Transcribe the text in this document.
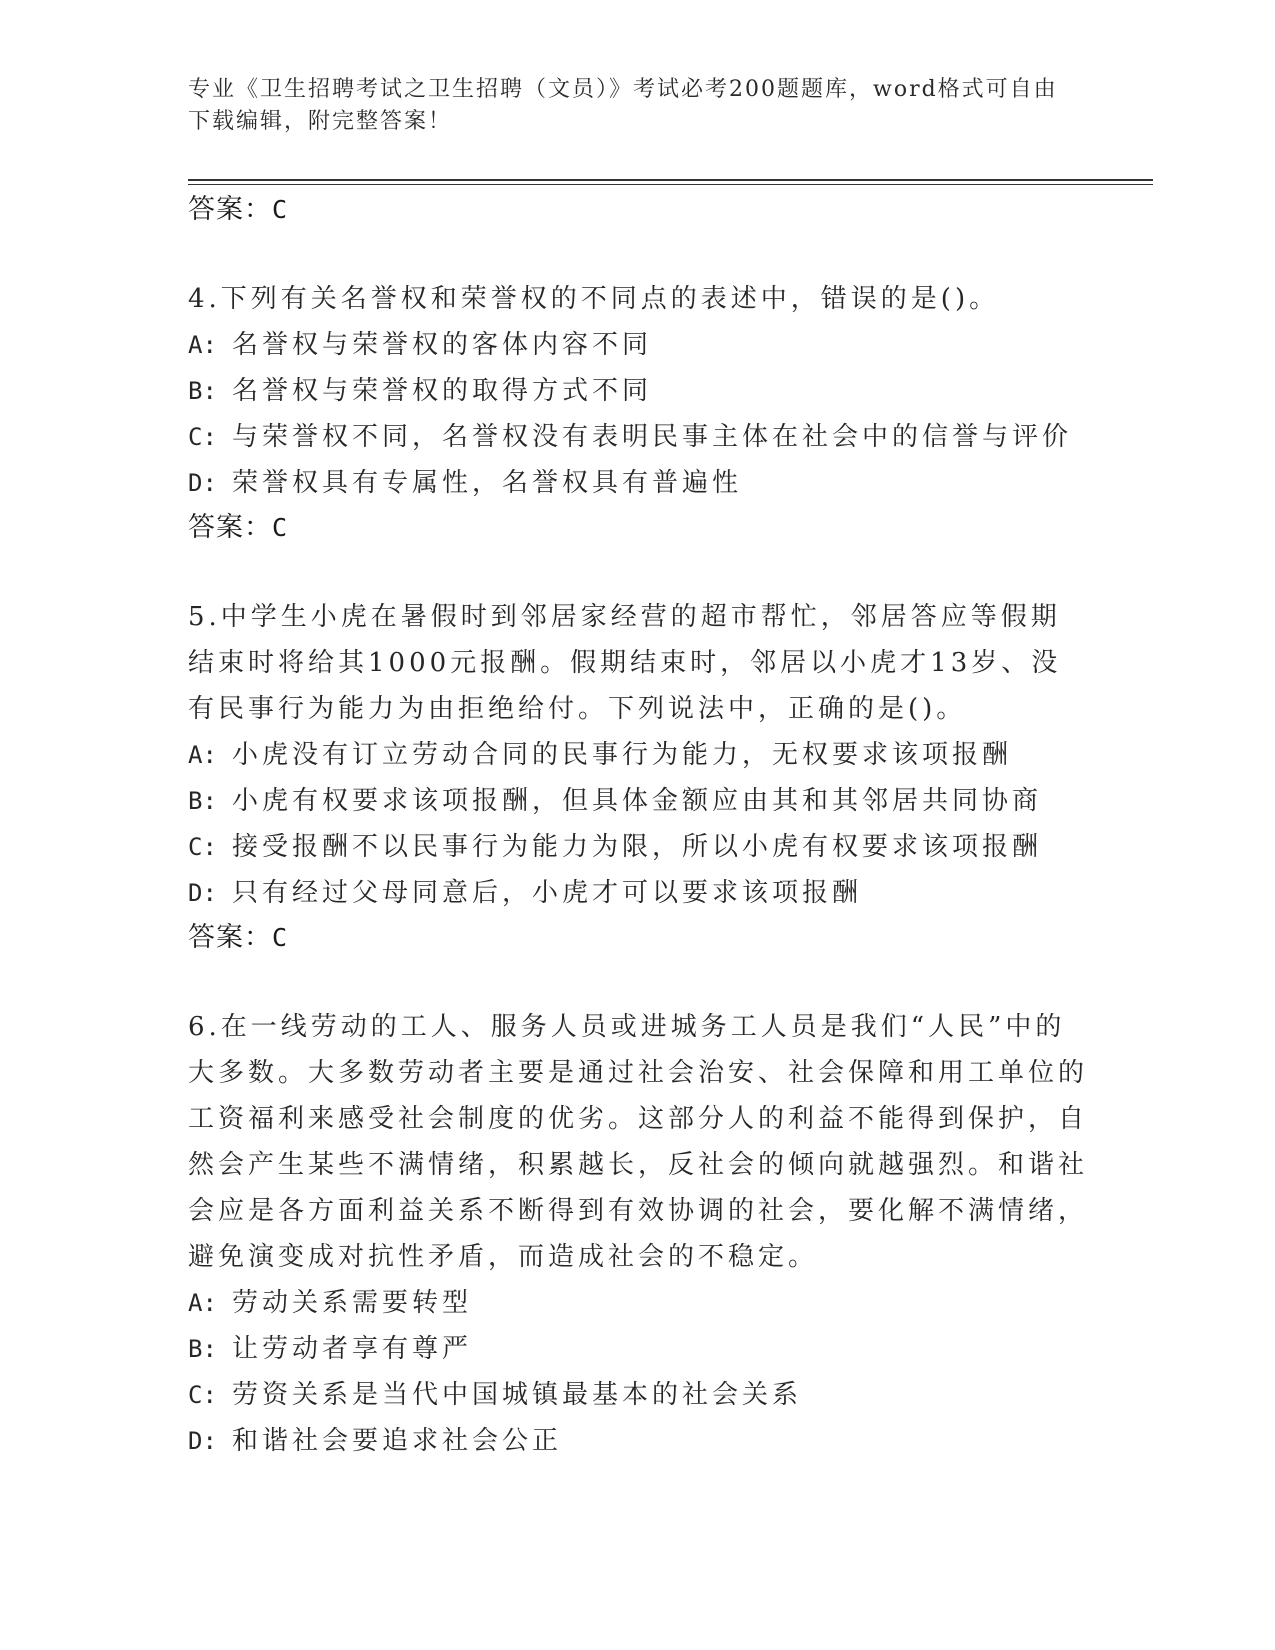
专业《卫生招聘考试之卫生招聘（文员）》考试必考200题题库，word格式可自由下载编辑，附完整答案！
答案：C
4.下列有关名誉权和荣誉权的不同点的表述中，错误的是()。
A: 名誉权与荣誉权的客体内容不同
B: 名誉权与荣誉权的取得方式不同
C: 与荣誉权不同，名誉权没有表明民事主体在社会中的信誉与评价
D: 荣誉权具有专属性，名誉权具有普遍性
答案：C
5.中学生小虎在暑假时到邻居家经营的超市帮忙，邻居答应等假期结束时将给其1000元报酬。假期结束时，邻居以小虎才13岁、没有民事行为能力为由拒绝给付。下列说法中，正确的是()。
A: 小虎没有订立劳动合同的民事行为能力，无权要求该项报酬
B: 小虎有权要求该项报酬，但具体金额应由其和其邻居共同协商
C: 接受报酬不以民事行为能力为限，所以小虎有权要求该项报酬
D: 只有经过父母同意后，小虎才可以要求该项报酬
答案：C
6.在一线劳动的工人、服务人员或进城务工人员是我们“人民”中的大多数。大多数劳动者主要是通过社会治安、社会保障和用工单位的工资福利来感受社会制度的优劣。这部分人的利益不能得到保护，自然会产生某些不满情绪，积累越长，反社会的倾向就越强烈。和谐社会应是各方面利益关系不断得到有效协调的社会，要化解不满情绪，避免演变成对抗性矛盾，而造成社会的不稳定。
A: 劳动关系需要转型
B: 让劳动者享有尊严
C: 劳资关系是当代中国城镇最基本的社会关系
D: 和谐社会要追求社会公正
